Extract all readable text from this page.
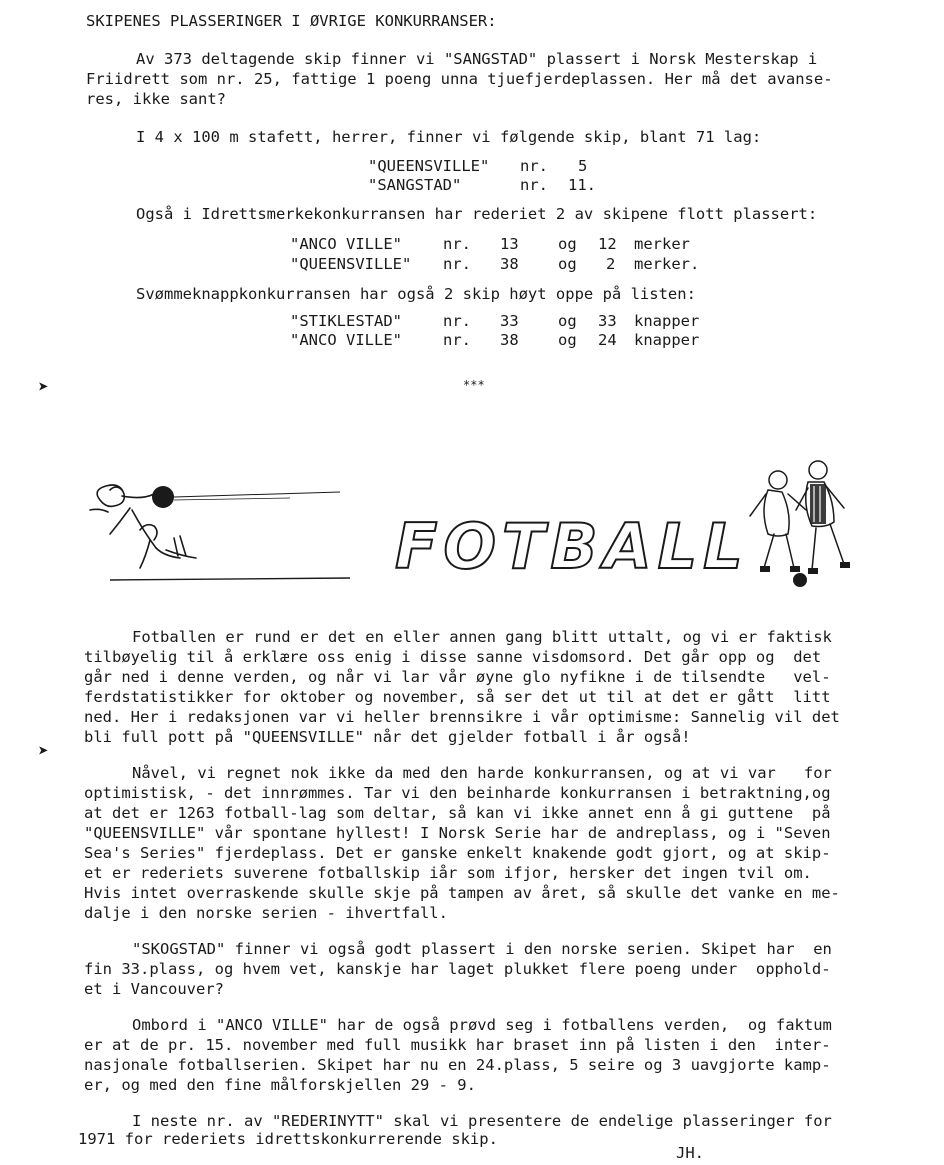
SKIPENES PLASSERINGER I ØVRIGE KONKURRANSER:
Av 373 deltagende skip finner vi "SANGSTAD" plassert i Norsk Mesterskap i
Friidrett som nr. 25, fattige 1 poeng unna tjuefjerdeplassen. Her må det avanse-
res, ikke sant?
I 4 x 100 m stafett, herrer, finner vi følgende skip, blant 71 lag:
"QUEENSVILLE" nr. 5
"SANGSTAD"	nr. 11.
Også i Idrettsmerkekonkurransen har rederiet 2 av skipene flott plassert:
"ANCO VILLE"	nr. 13	og 12 merker
"QUEENSVILLE" nr. 38	og 2 merker.
Svømmeknappkonkurransen har også 2 skip høyt oppe på listen:
"STIKLESTAD"	nr. 33	og 33 knapper
"ANCO VILLE"	nr. 38	og 24 knapper
***
➤
➤
FOTBALL
Fotballen er rund er det en eller annen gang blitt uttalt, og vi er faktisk
tilbøyelig til å erklære oss enig i disse sanne visdomsord. Det går opp og  det
går ned i denne verden, og når vi lar vår øyne glo nyfikne i de tilsendte   vel-
ferdstatistikker for oktober og november, så ser det ut til at det er gått  litt
ned. Her i redaksjonen var vi heller brennsikre i vår optimisme: Sannelig vil det
bli full pott på "QUEENSVILLE" når det gjelder fotball i år også!
Nåvel, vi regnet nok ikke da med den harde konkurransen, og at vi var   for
optimistisk, - det innrømmes. Tar vi den beinharde konkurransen i betraktning,og
at det er 1263 fotball-lag som deltar, så kan vi ikke annet enn å gi guttene  på
"QUEENSVILLE" vår spontane hyllest! I Norsk Serie har de andreplass, og i "Seven
Sea's Series" fjerdeplass. Det er ganske enkelt knakende godt gjort, og at skip-
et er rederiets suverene fotballskip iår som ifjor, hersker det ingen tvil om.
Hvis intet overraskende skulle skje på tampen av året, så skulle det vanke en me-
dalje i den norske serien - ihvertfall.
"SKOGSTAD" finner vi også godt plassert i den norske serien. Skipet har  en
fin 33.plass, og hvem vet, kanskje har laget plukket flere poeng under  opphold-
et i Vancouver?
Ombord i "ANCO VILLE" har de også prøvd seg i fotballens verden,  og faktum
er at de pr. 15. november med full musikk har braset inn på listen i den  inter-
nasjonale fotballserien. Skipet har nu en 24.plass, 5 seire og 3 uavgjorte kamp-
er, og med den fine målforskjellen 29 - 9.
I neste nr. av "REDERINYTT" skal vi presentere de endelige plasseringer for
1971 for rederiets idrettskonkurrerende skip.
JH.
